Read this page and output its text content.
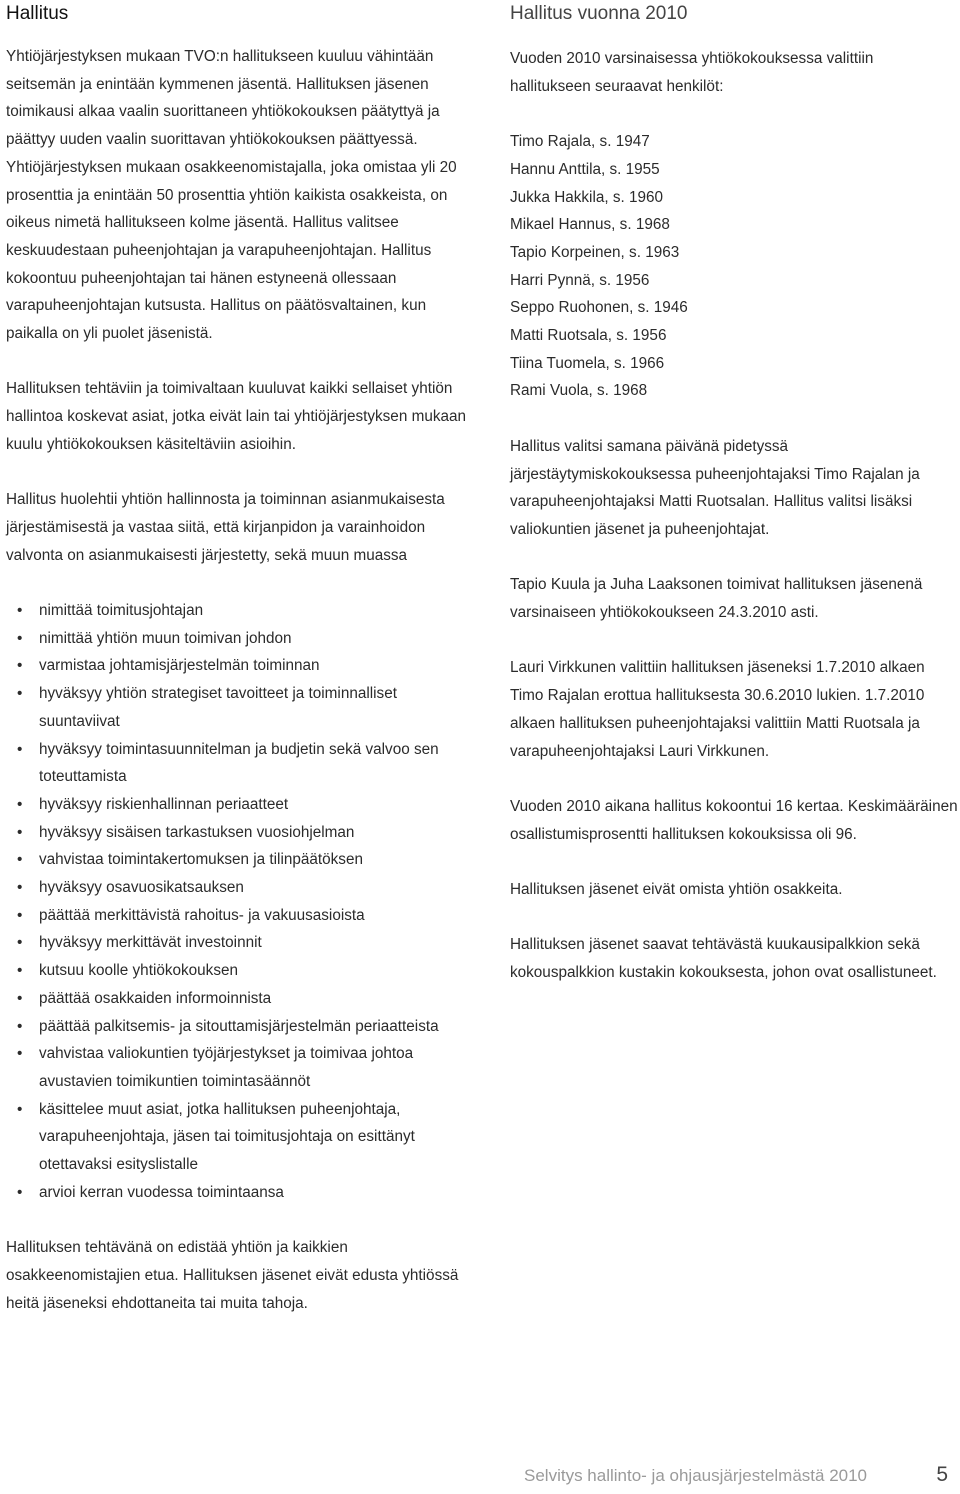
Hallitus

Yhtiöjärjestyksen mukaan TVO:n hallitukseen kuuluu vähintään seitsemän ja enintään kymmenen jäsentä. Hallituksen jäsenen toimikausi alkaa vaalin suorittaneen yhtiökokouksen päätyttyä ja päättyy uuden vaalin suorittavan yhtiökokouksen päättyessä. Yhtiöjärjestyksen mukaan osakkeenomistajalla, joka omistaa yli 20 prosenttia ja enintään 50 prosenttia yhtiön kaikista osakkeista, on oikeus nimetä hallitukseen kolme jäsentä. Hallitus valitsee keskuudestaan puheenjohtajan ja varapuheenjohtajan. Hallitus kokoontuu puheenjohtajan tai hänen estyneenä ollessaan varapuheenjohtajan kutsusta. Hallitus on päätösvaltainen, kun paikalla on yli puolet jäsenistä.

Hallituksen tehtäviin ja toimivaltaan kuuluvat kaikki sellaiset yhtiön hallintoa koskevat asiat, jotka eivät lain tai yhtiöjärjestyksen mukaan kuulu yhtiökokouksen käsiteltäviin asioihin.

Hallitus huolehtii yhtiön hallinnosta ja toiminnan asianmukaisesta järjestämisestä ja vastaa siitä, että kirjanpidon ja varainhoidon valvonta on asianmukaisesti järjestetty, sekä muun muassa

• nimittää toimitusjohtajan
• nimittää yhtiön muun toimivan johdon
• varmistaa johtamisjärjestelmän toiminnan
• hyväksyy yhtiön strategiset tavoitteet ja toiminnalliset suuntaviivat
• hyväksyy toimintasuunnitelman ja budjetin sekä valvoo sen toteuttamista
• hyväksyy riskienhallinnan periaatteet
• hyväksyy sisäisen tarkastuksen vuosiohjelman
• vahvistaa toimintakertomuksen ja tilinpäätöksen
• hyväksyy osavuosikatsauksen
• päättää merkittävistä rahoitus- ja vakuusasioista
• hyväksyy merkittävät investoinnit
• kutsuu koolle yhtiökokouksen
• päättää osakkaiden informoinnista
• päättää palkitsemis- ja sitouttamisjärjestelmän periaatteista
• vahvistaa valiokuntien työjärjestykset ja toimivaa johtoa avustavien toimikuntien toimintasäännöt
• käsittelee muut asiat, jotka hallituksen puheenjohtaja, varapuheenjohtaja, jäsen tai toimitusjohtaja on esittänyt otettavaksi esityslistalle
• arvioi kerran vuodessa toimintaansa

Hallituksen tehtävänä on edistää yhtiön ja kaikkien osakkeenomistajien etua. Hallituksen jäsenet eivät edusta yhtiössä heitä jäseneksi ehdottaneita tai muita tahoja.

Hallitus vuonna 2010

Vuoden 2010 varsinaisessa yhtiökokouksessa valittiin hallitukseen seuraavat henkilöt:

Timo Rajala, s. 1947
Hannu Anttila, s. 1955
Jukka Hakkila, s. 1960
Mikael Hannus, s. 1968
Tapio Korpeinen, s. 1963
Harri Pynnä, s. 1956
Seppo Ruohonen, s. 1946
Matti Ruotsala, s. 1956
Tiina Tuomela, s. 1966
Rami Vuola, s. 1968

Hallitus valitsi samana päivänä pidetyssä järjestäytymiskokouksessa puheenjohtajaksi Timo Rajalan ja varapuheenjohtajaksi Matti Ruotsalan. Hallitus valitsi lisäksi valiokuntien jäsenet ja puheenjohtajat.

Tapio Kuula ja Juha Laaksonen toimivat hallituksen jäsenenä varsinaiseen yhtiökokoukseen 24.3.2010 asti.

Lauri Virkkunen valittiin hallituksen jäseneksi 1.7.2010 alkaen Timo Rajalan erottua hallituksesta 30.6.2010 lukien. 1.7.2010 alkaen hallituksen puheenjohtajaksi valittiin Matti Ruotsala ja varapuheenjohtajaksi Lauri Virkkunen.

Vuoden 2010 aikana hallitus kokoontui 16 kertaa. Keskimääräinen osallistumisprosentti hallituksen kokouksissa oli 96.

Hallituksen jäsenet eivät omista yhtiön osakkeita.

Hallituksen jäsenet saavat tehtävästä kuukausipalkkion sekä kokouspalkkion kustakin kokouksesta, johon ovat osallistuneet.

Selvitys hallinto- ja ohjausjärjestelmästä 2010	5
